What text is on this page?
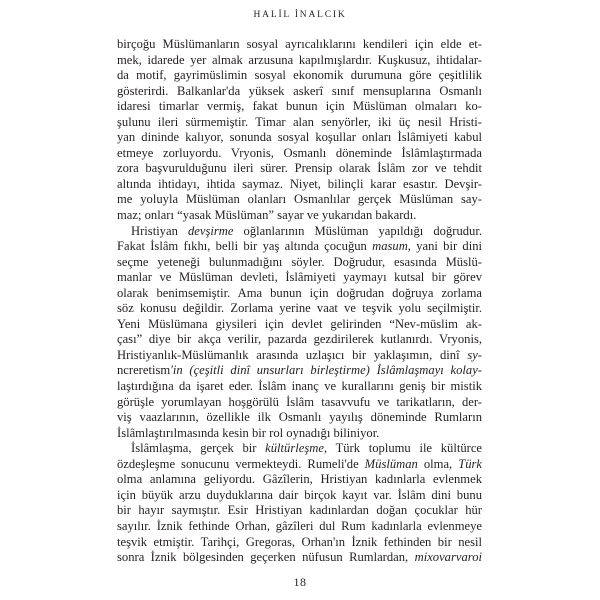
HALİL İNALCIK
birçoğu Müslümanların sosyal ayrıcalıklarını kendileri için elde et-
mek, idarede yer almak arzusuna kapılmışlardır. Kuşkusuz, ihtidalar-
da motif, gayrimüslimin sosyal ekonomik durumuna göre çeşitlilik
gösterirdi. Balkanlar'da yüksek askerî sınıf mensuplarına Osmanlı
idaresi timarlar vermiş, fakat bunun için Müslüman olmaları ko-
şulunu ileri sürmemiştir. Timar alan senyörler, iki üç nesil Hristi-
yan dininde kalıyor, sonunda sosyal koşullar onları İslâmiyeti kabul
etmeye zorluyordu. Vryonis, Osmanlı döneminde İslâmlaştırmada
zora başvurulduğunu ileri sürer. Prensip olarak İslâm zor ve tehdit
altında ihtidayı, ihtida saymaz. Niyet, bilinçli karar esastır. Devşir-
me yoluyla Müslüman olanları Osmanlılar gerçek Müslüman say-
maz; onları “yasak Müslüman” sayar ve yukarıdan bakardı.
Hristiyan devşirme oğlanlarının Müslüman yapıldığı doğrudur.
Fakat İslâm fıkhı, belli bir yaş altında çocuğun masum, yani bir dini
seçme yeteneği bulunmadığını söyler. Doğrudur, esasında Müslü-
manlar ve Müslüman devleti, İslâmiyeti yaymayı kutsal bir görev
olarak benimsemiştir. Ama bunun için doğrudan doğruya zorlama
söz konusu değildir. Zorlama yerine vaat ve teşvik yolu seçilmiştir.
Yeni Müslümana giysileri için devlet gelirinden “Nev-müslim ak-
çası” diye bir akça verilir, pazarda gezdirilerek kutlanırdı. Vryonis,
Hristiyanlık-Müslümanlık arasında uzlaşıcı bir yaklaşımın, dinî sy-
ncreretism'in (çeşitli dinî unsurları birleştirme) İslâmlaşmayı kolay-
laştırdığına da işaret eder. İslâm inanç ve kurallarını geniş bir mistik
görüşle yorumlayan hoşgörülü İslâm tasavvufu ve tarikatların, der-
viş vaazlarının, özellikle ilk Osmanlı yayılış döneminde Rumların
İslâmlaştırılmasında kesin bir rol oynadığı biliniyor.
İslâmlaşma, gerçek bir kültürleşme, Türk toplumu ile kültürce
özdeşleşme sonucunu vermekteydi. Rumeli'de Müslüman olma, Türk
olma anlamına geliyordu. Gâzîlerin, Hristiyan kadınlarla evlenmek
için büyük arzu duyduklarına dair birçok kayıt var. İslâm dini bunu
bir hayır saymıştır. Esir Hristiyan kadınlardan doğan çocuklar hür
sayılır. İznik fethinde Orhan, gâzîleri dul Rum kadınlarla evlenmeye
teşvik etmiştir. Tarihçi, Gregoras, Orhan'ın İznik fethinden bir nesil
sonra İznik bölgesinden geçerken nüfusun Rumlardan, mixovarvaroi
18
